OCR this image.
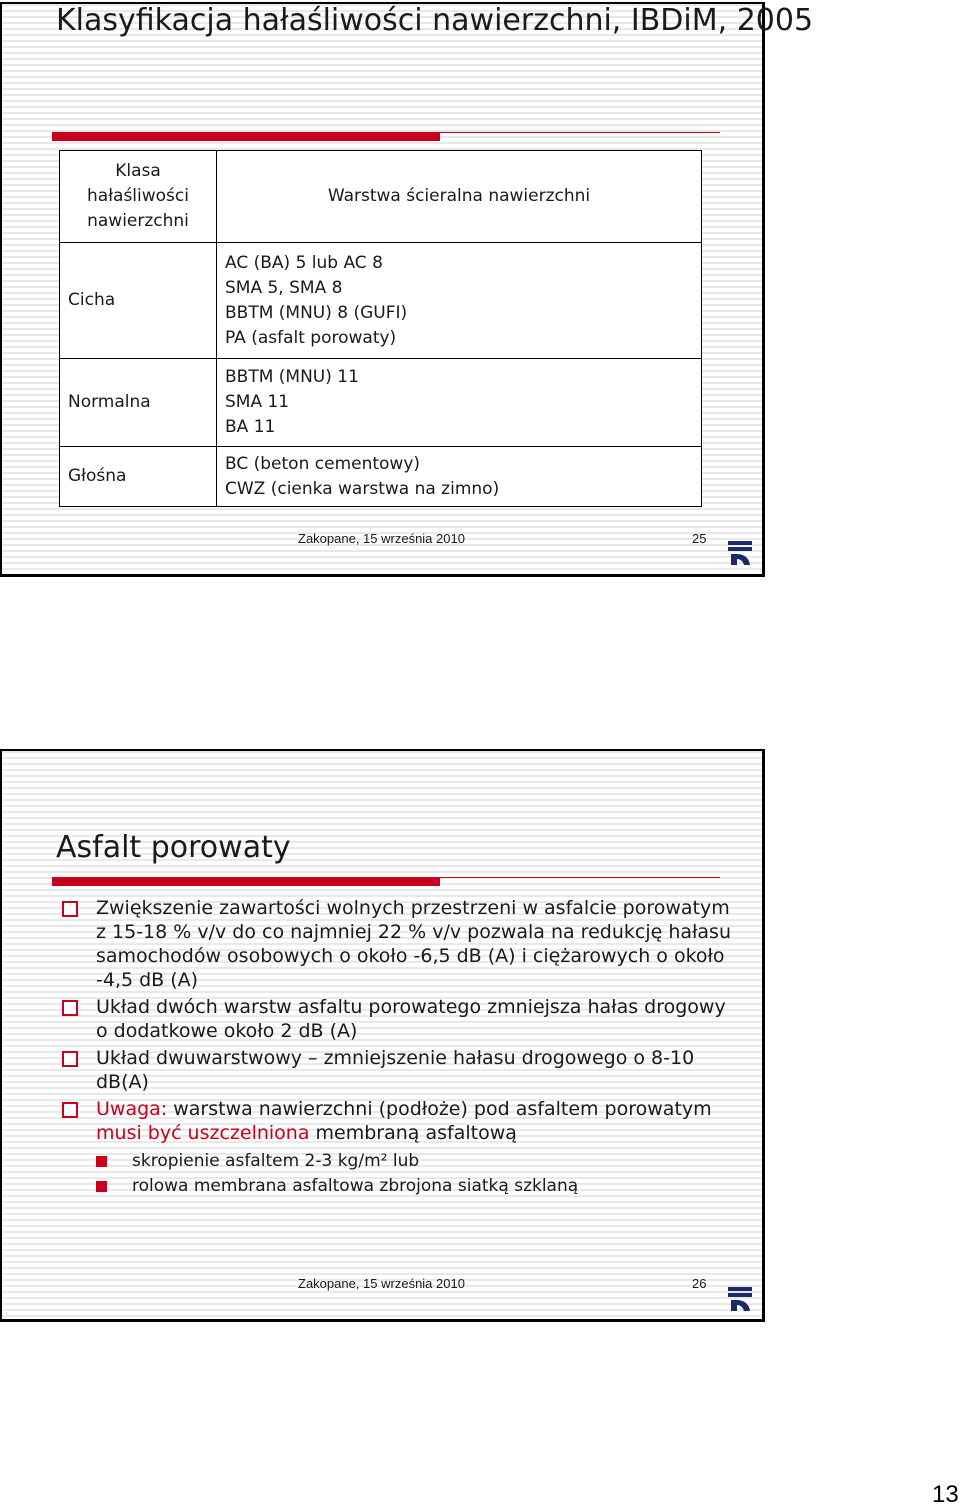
Klasyfikacja hałaśliwości nawierzchni, IBDiM, 2005
Klasa
hałaśliwości
nawierzchni	Warstwa ścieralna nawierzchni
Cicha	AC (BA) 5 lub AC 8
SMA 5, SMA 8
BBTM (MNU) 8 (GUFI)
PA (asfalt porowaty)

Normalna	BBTM (MNU) 11
SMA 11
BA 11

Głośna	BC (beton cementowy)
CWZ (cienka warstwa na zimno)
Zakopane, 15 września 2010	25
Asfalt porowaty
Zwiększenie zawartości wolnych przestrzeni w asfalcie porowatym z 15-18 % v/v do co najmniej 22 % v/v pozwala na redukcję hałasu samochodów osobowych o około -6,5 dB (A) i ciężarowych o około -4,5 dB (A)
Układ dwóch warstw asfaltu porowatego zmniejsza hałas drogowy o dodatkowe około 2 dB (A)
Układ dwuwarstwowy – zmniejszenie hałasu drogowego o 8-10 dB(A)
Uwaga: warstwa nawierzchni (podłoże) pod asfaltem porowatym musi być uszczelniona membraną asfaltową
skropienie asfaltem 2-3 kg/m² lub
rolowa membrana asfaltowa zbrojona siatką szklaną
Zakopane, 15 września 2010	26
13
